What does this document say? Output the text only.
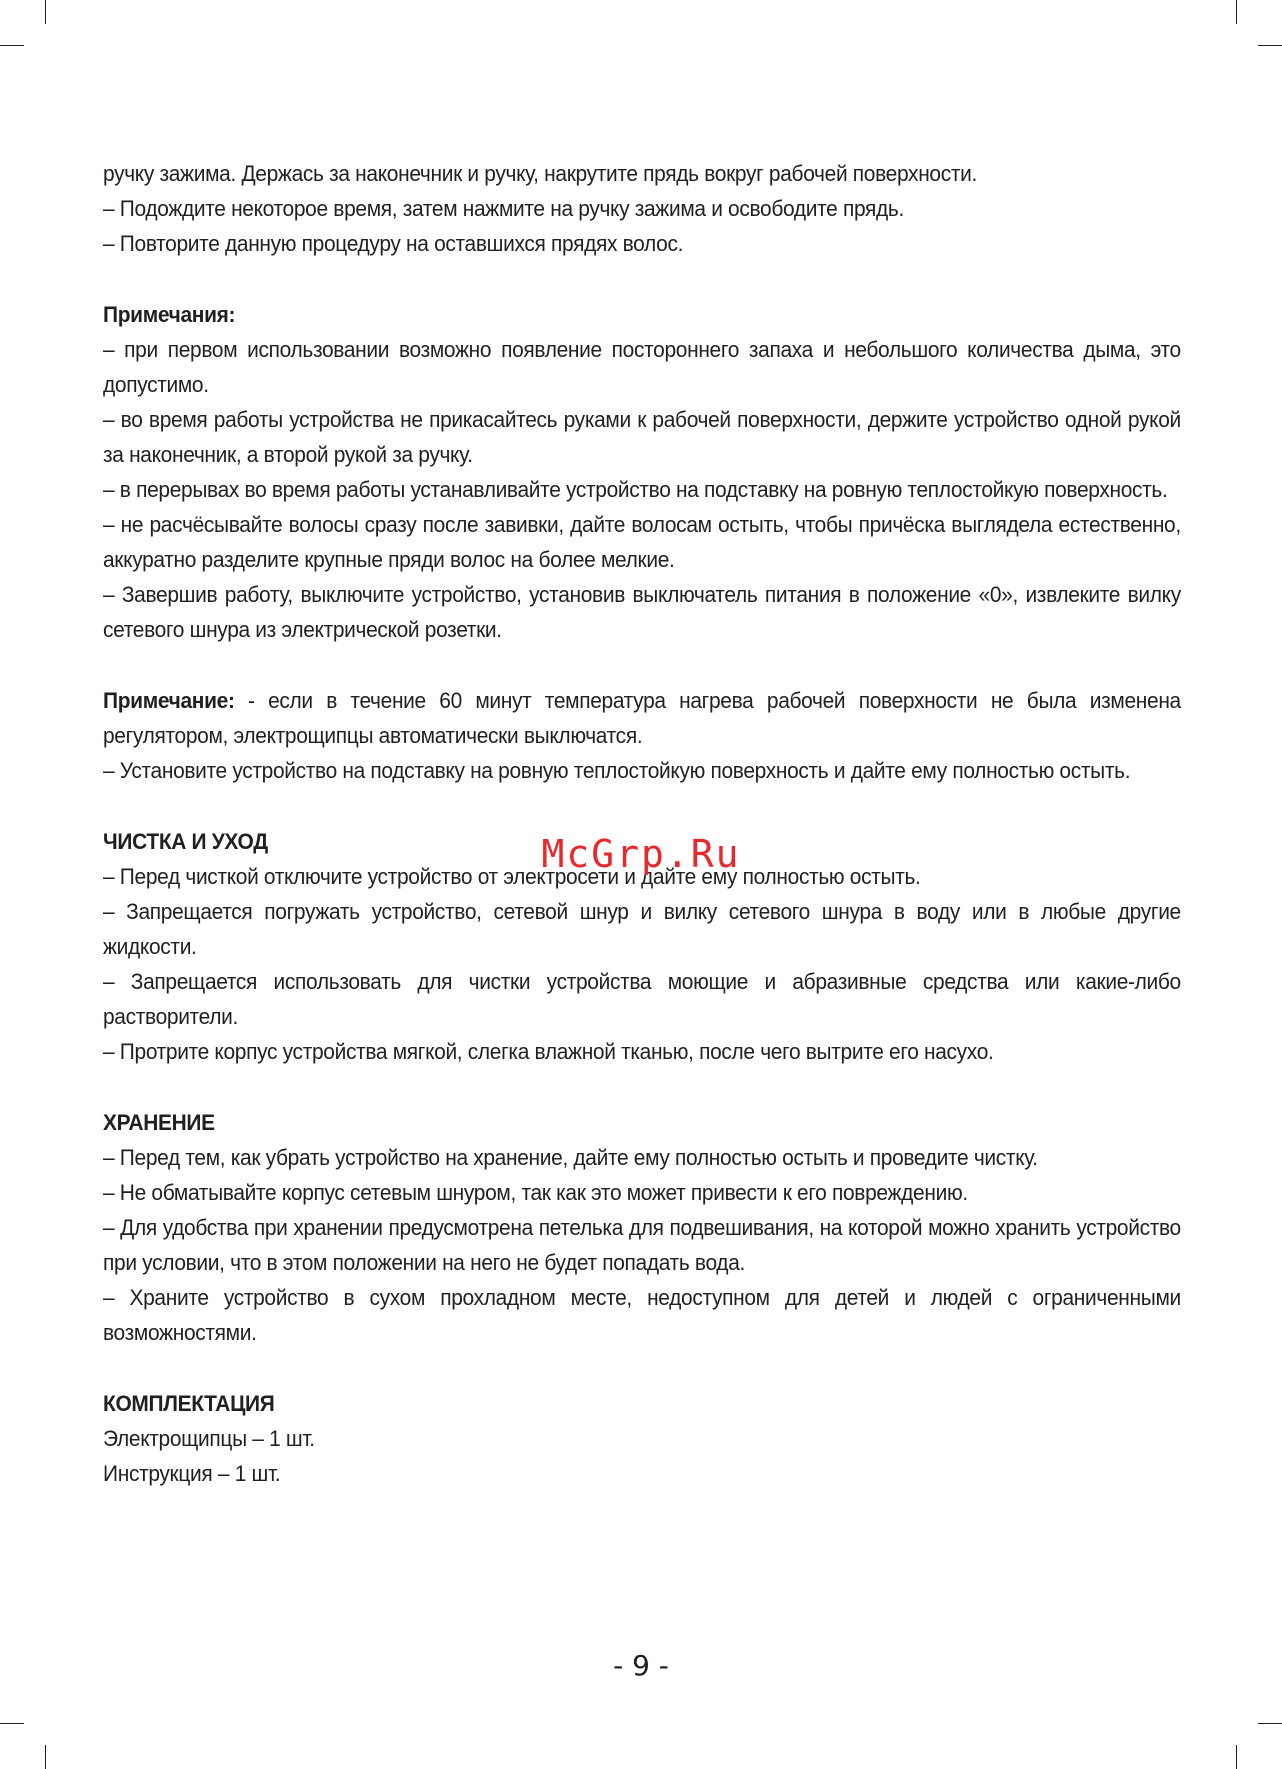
ручку зажима. Держась за наконечник и ручку, накрутите прядь вокруг рабочей поверхности.

– Подождите некоторое время, затем нажмите на ручку зажима и освободите прядь.

– Повторите данную процедуру на оставшихся прядях волос.

Примечания:

– при первом использовании возможно появление постороннего запаха и небольшого количества дыма, это допустимо.

– во время работы устройства не прикасайтесь руками к рабочей поверхности, держите устройство одной рукой за наконечник, а второй рукой за ручку.

– в перерывах во время работы устанавливайте устройство на подставку на ровную теплостойкую поверхность.

– не расчёсывайте волосы сразу после завивки, дайте волосам остыть, чтобы причёска выглядела естественно, аккуратно разделите крупные пряди волос на более мелкие.

– Завершив работу, выключите устройство, установив выключатель питания в положение «0», извлеките вилку сетевого шнура из электрической розетки.

Примечание: - если в течение 60 минут температура нагрева рабочей поверхности не была изменена регулятором, электрощипцы автоматически выключатся.

– Установите устройство на подставку на ровную теплостойкую поверхность и дайте ему полностью остыть.

ЧИСТКА И УХОД

– Перед чисткой отключите устройство от электросети и дайте ему полностью остыть.

– Запрещается погружать устройство, сетевой шнур и вилку сетевого шнура в воду или в любые другие жидкости.

– Запрещается использовать для чистки устройства моющие и абразивные средства или какие-либо растворители.

– Протрите корпус устройства мягкой, слегка влажной тканью, после чего вытрите его насухо.

ХРАНЕНИЕ

– Перед тем, как убрать устройство на хранение, дайте ему полностью остыть и проведите чистку.

– Не обматывайте корпус сетевым шнуром, так как это может привести к его повреждению.

– Для удобства при хранении предусмотрена петелька для подвешивания, на которой можно хранить устройство при условии, что в этом положении на него не будет попадать вода.

– Храните устройство в сухом прохладном месте, недоступном для детей и людей с ограниченными возможностями.

КОМПЛЕКТАЦИЯ

Электрощипцы – 1 шт.

Инструкция – 1 шт.

McGrp.Ru
- 9 -
